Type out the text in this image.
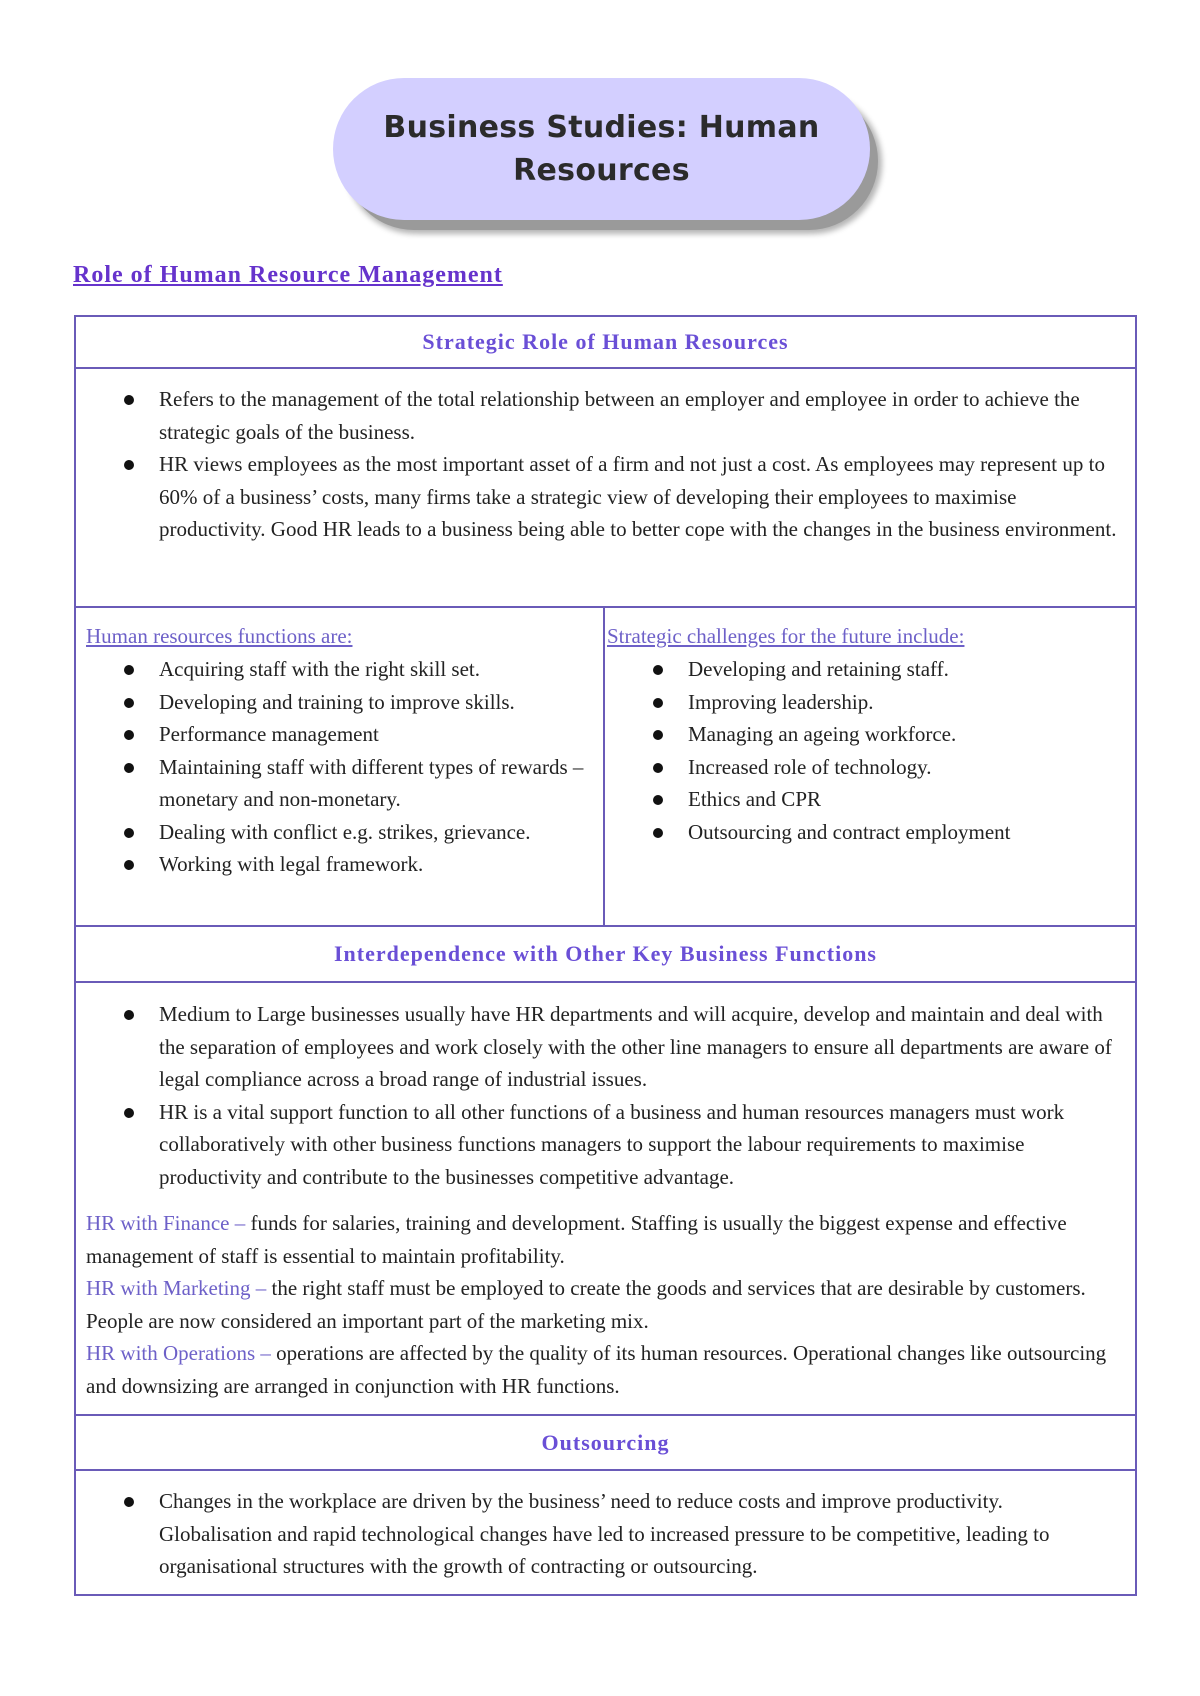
Business Studies: Human
Resources
Role of Human Resource Management
Strategic Role of Human Resources
Refers to the management of the total relationship between an employer and employee in order to achieve the strategic goals of the business.
HR views employees as the most important asset of a firm and not just a cost. As employees may represent up to 60% of a business’ costs, many firms take a strategic view of developing their employees to maximise productivity. Good HR leads to a business being able to better cope with the changes in the business environment.
Human resources functions are:
Acquiring staff with the right skill set.
Developing and training to improve skills.
Performance management
Maintaining staff with different types of rewards – monetary and non-monetary.
Dealing with conflict e.g. strikes, grievance.
Working with legal framework.
Strategic challenges for the future include:
Developing and retaining staff.
Improving leadership.
Managing an ageing workforce.
Increased role of technology.
Ethics and CPR
Outsourcing and contract employment
Interdependence with Other Key Business Functions
Medium to Large businesses usually have HR departments and will acquire, develop and maintain and deal with the separation of employees and work closely with the other line managers to ensure all departments are aware of legal compliance across a broad range of industrial issues.
HR is a vital support function to all other functions of a business and human resources managers must work collaboratively with other business functions managers to support the labour requirements to maximise productivity and contribute to the businesses competitive advantage.
HR with Finance – funds for salaries, training and development. Staffing is usually the biggest expense and effective management of staff is essential to maintain profitability.
HR with Marketing – the right staff must be employed to create the goods and services that are desirable by customers. People are now considered an important part of the marketing mix.
HR with Operations – operations are affected by the quality of its human resources. Operational changes like outsourcing and downsizing are arranged in conjunction with HR functions.
Outsourcing
Changes in the workplace are driven by the business’ need to reduce costs and improve productivity. Globalisation and rapid technological changes have led to increased pressure to be competitive, leading to organisational structures with the growth of contracting or outsourcing.
